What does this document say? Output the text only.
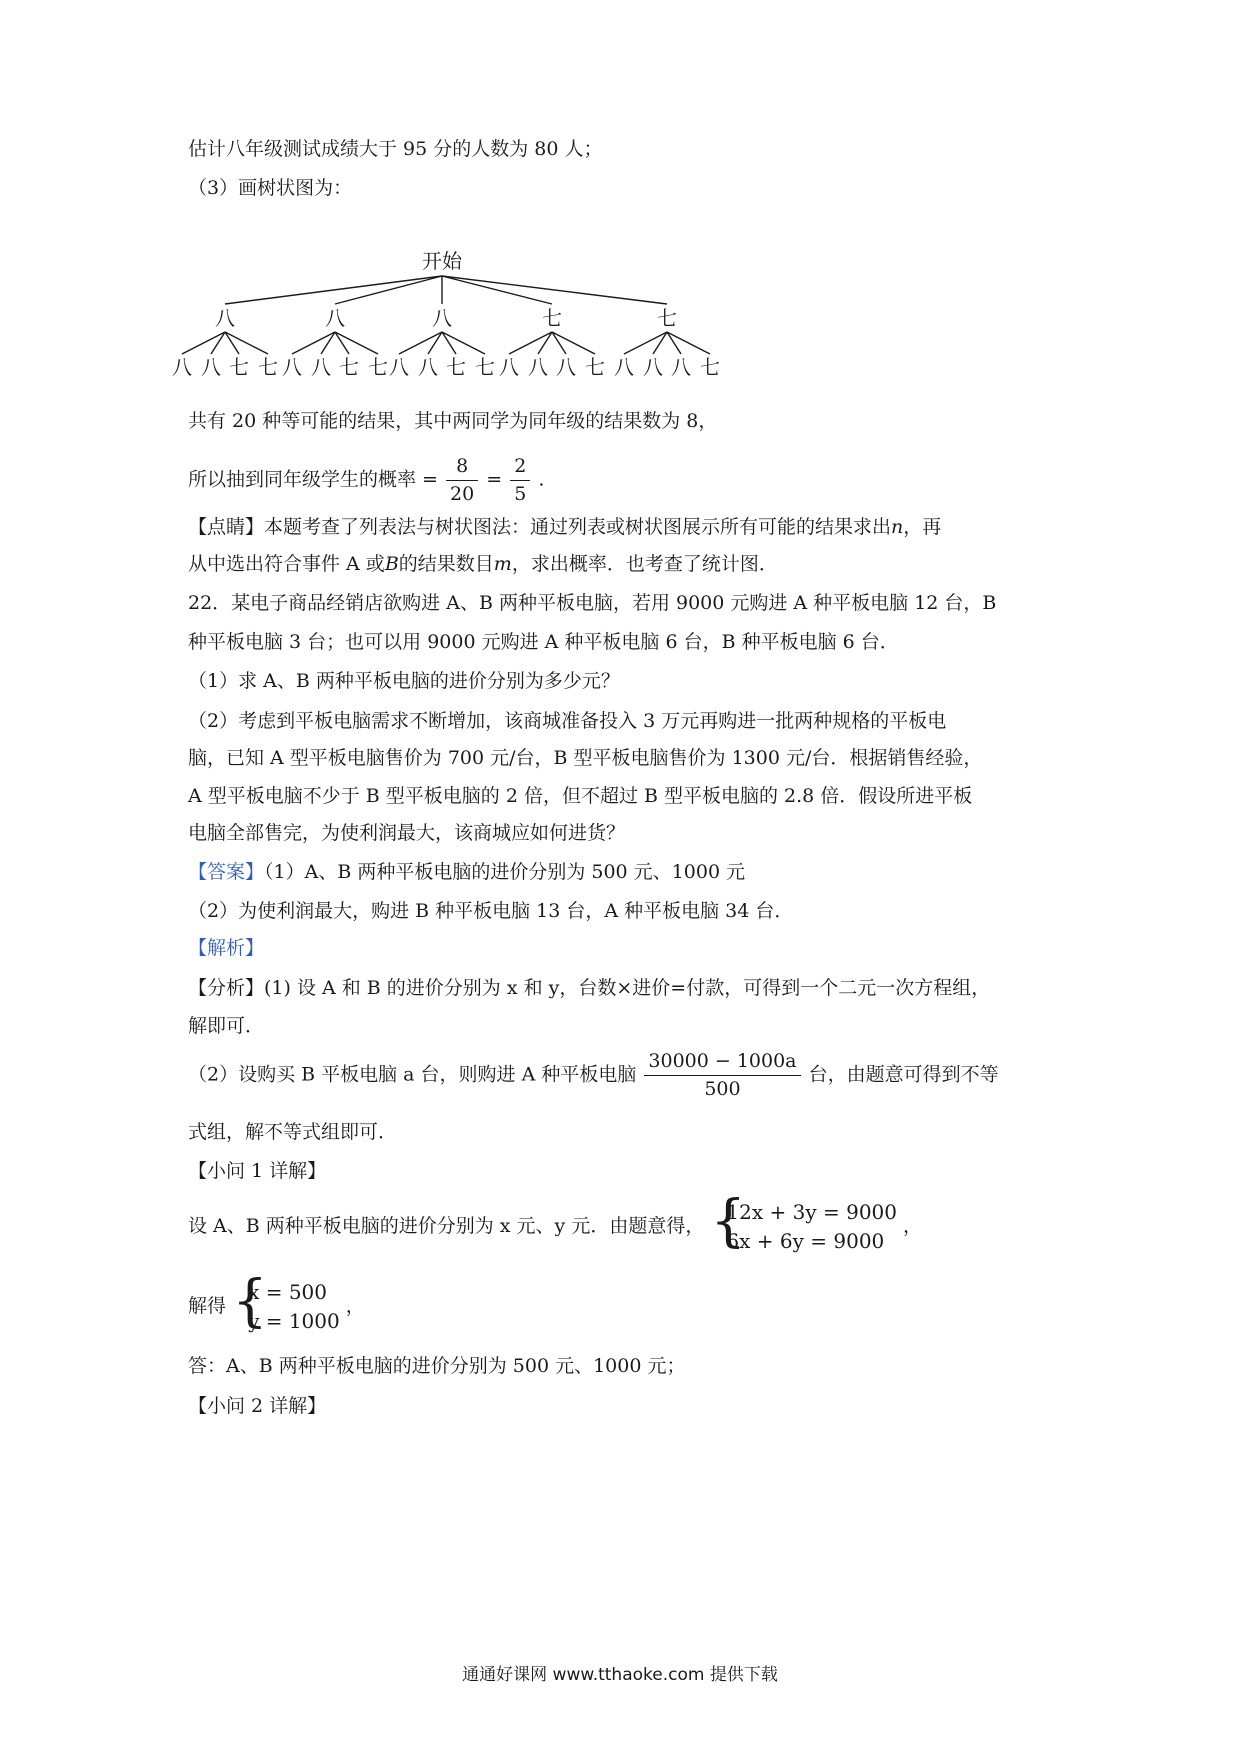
估计八年级测试成绩大于 95 分的人数为 80 人；
（3）画树状图为：
开始
八
八 八 七 七
八
八 八 七 七
八
八 八 七 七
七
八 八 八 七
七
八 八 八 七
共有 20 种等可能的结果，其中两同学为同年级的结果数为 8，
所以抽到同年级学生的概率 = $\frac{8}{20} = \frac{2}{5}$ .
【点睛】本题考查了列表法与树状图法：通过列表或树状图展示所有可能的结果求出n，再
从中选出符合事件 A 或B的结果数目m，求出概率．也考查了统计图．
22．某电子商品经销店欲购进 A、B 两种平板电脑，若用 9000 元购进 A 种平板电脑 12 台，B
种平板电脑 3 台；也可以用 9000 元购进 A 种平板电脑 6 台，B 种平板电脑 6 台．
（1）求 A、B 两种平板电脑的进价分别为多少元？
（2）考虑到平板电脑需求不断增加，该商城准备投入 3 万元再购进一批两种规格的平板电
脑，已知 A 型平板电脑售价为 700 元/台，B 型平板电脑售价为 1300 元/台．根据销售经验，
A 型平板电脑不少于 B 型平板电脑的 2 倍，但不超过 B 型平板电脑的 2.8 倍．假设所进平板
电脑全部售完，为使利润最大，该商城应如何进货？
【答案】（1）A、B 两种平板电脑的进价分别为 500 元、1000 元
（2）为使利润最大，购进 B 种平板电脑 13 台，A 种平板电脑 34 台．
【解析】
【分析】(1) 设 A 和 B 的进价分别为 x 和 y，台数×进价=付款，可得到一个二元一次方程组，
解即可．
（2）设购买 B 平板电脑 a 台，则购进 A 种平板电脑 $\frac{30000 - 1000a}{500}$ 台，由题意可得到不等
式组，解不等式组即可．
【小问 1 详解】
设 A、B 两种平板电脑的进价分别为 x 元、y 元．由题意得， {
12x + 3y = 9000
6x + 6y = 9000
，
解得 {
x = 500
y = 1000
，
答：A、B 两种平板电脑的进价分别为 500 元、1000 元；
【小问 2 详解】
通通好课网 www.tthaoke.com 提供下载
